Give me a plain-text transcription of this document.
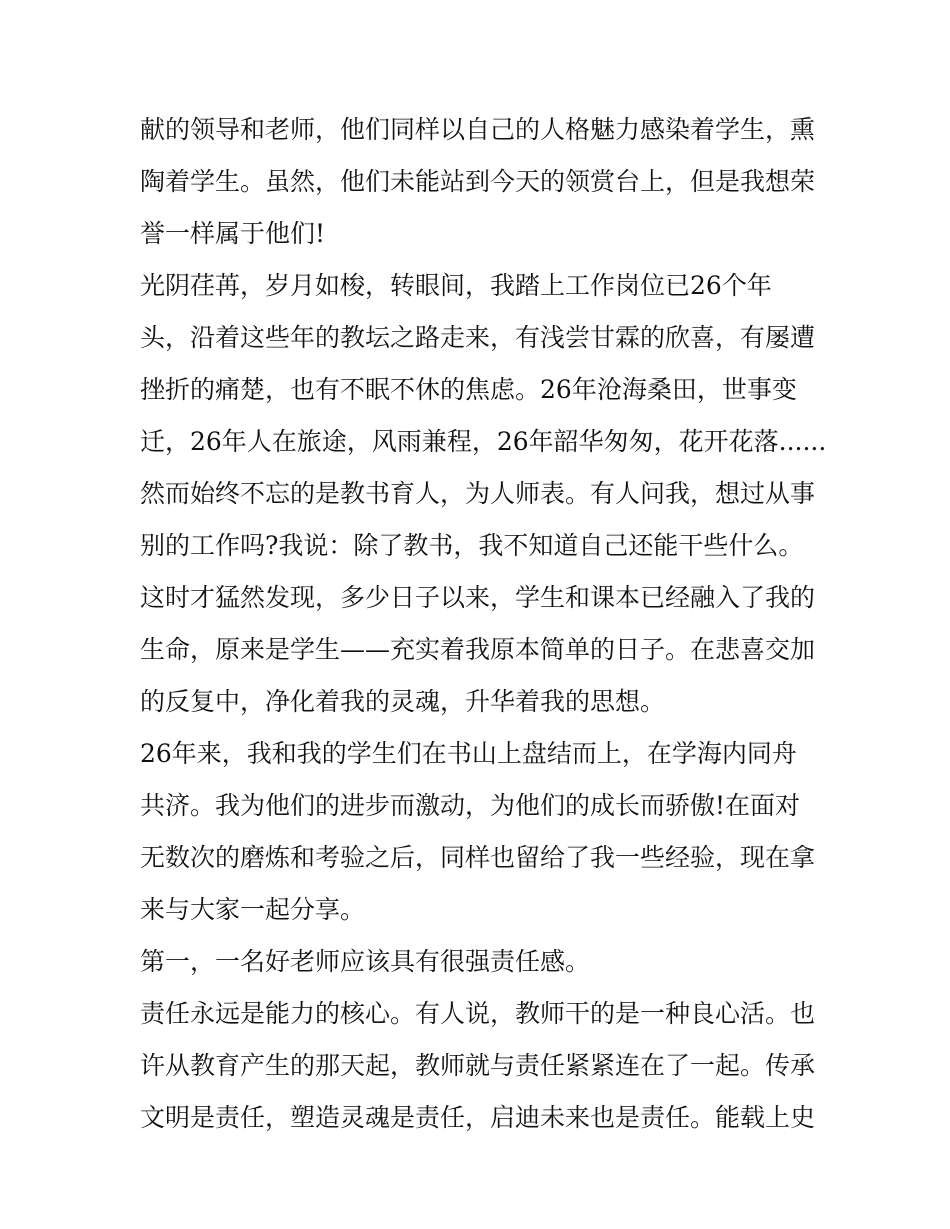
献的领导和老师，他们同样以自己的人格魅力感染着学生，熏
陶着学生。虽然，他们未能站到今天的领赏台上，但是我想荣
誉一样属于他们!
光阴荏苒，岁月如梭，转眼间，我踏上工作岗位已26个年
头，沿着这些年的教坛之路走来，有浅尝甘霖的欣喜，有屡遭
挫折的痛楚，也有不眠不休的焦虑。26年沧海桑田，世事变
迁，26年人在旅途，风雨兼程，26年韶华匆匆，花开花落......
然而始终不忘的是教书育人，为人师表。有人问我，想过从事
别的工作吗?我说：除了教书，我不知道自己还能干些什么。
这时才猛然发现，多少日子以来，学生和课本已经融入了我的
生命，原来是学生——充实着我原本简单的日子。在悲喜交加
的反复中，净化着我的灵魂，升华着我的思想。
26年来，我和我的学生们在书山上盘结而上，在学海内同舟
共济。我为他们的进步而激动，为他们的成长而骄傲!在面对
无数次的磨炼和考验之后，同样也留给了我一些经验，现在拿
来与大家一起分享。
第一，一名好老师应该具有很强责任感。
责任永远是能力的核心。有人说，教师干的是一种良心活。也
许从教育产生的那天起，教师就与责任紧紧连在了一起。传承
文明是责任，塑造灵魂是责任，启迪未来也是责任。能载上史
